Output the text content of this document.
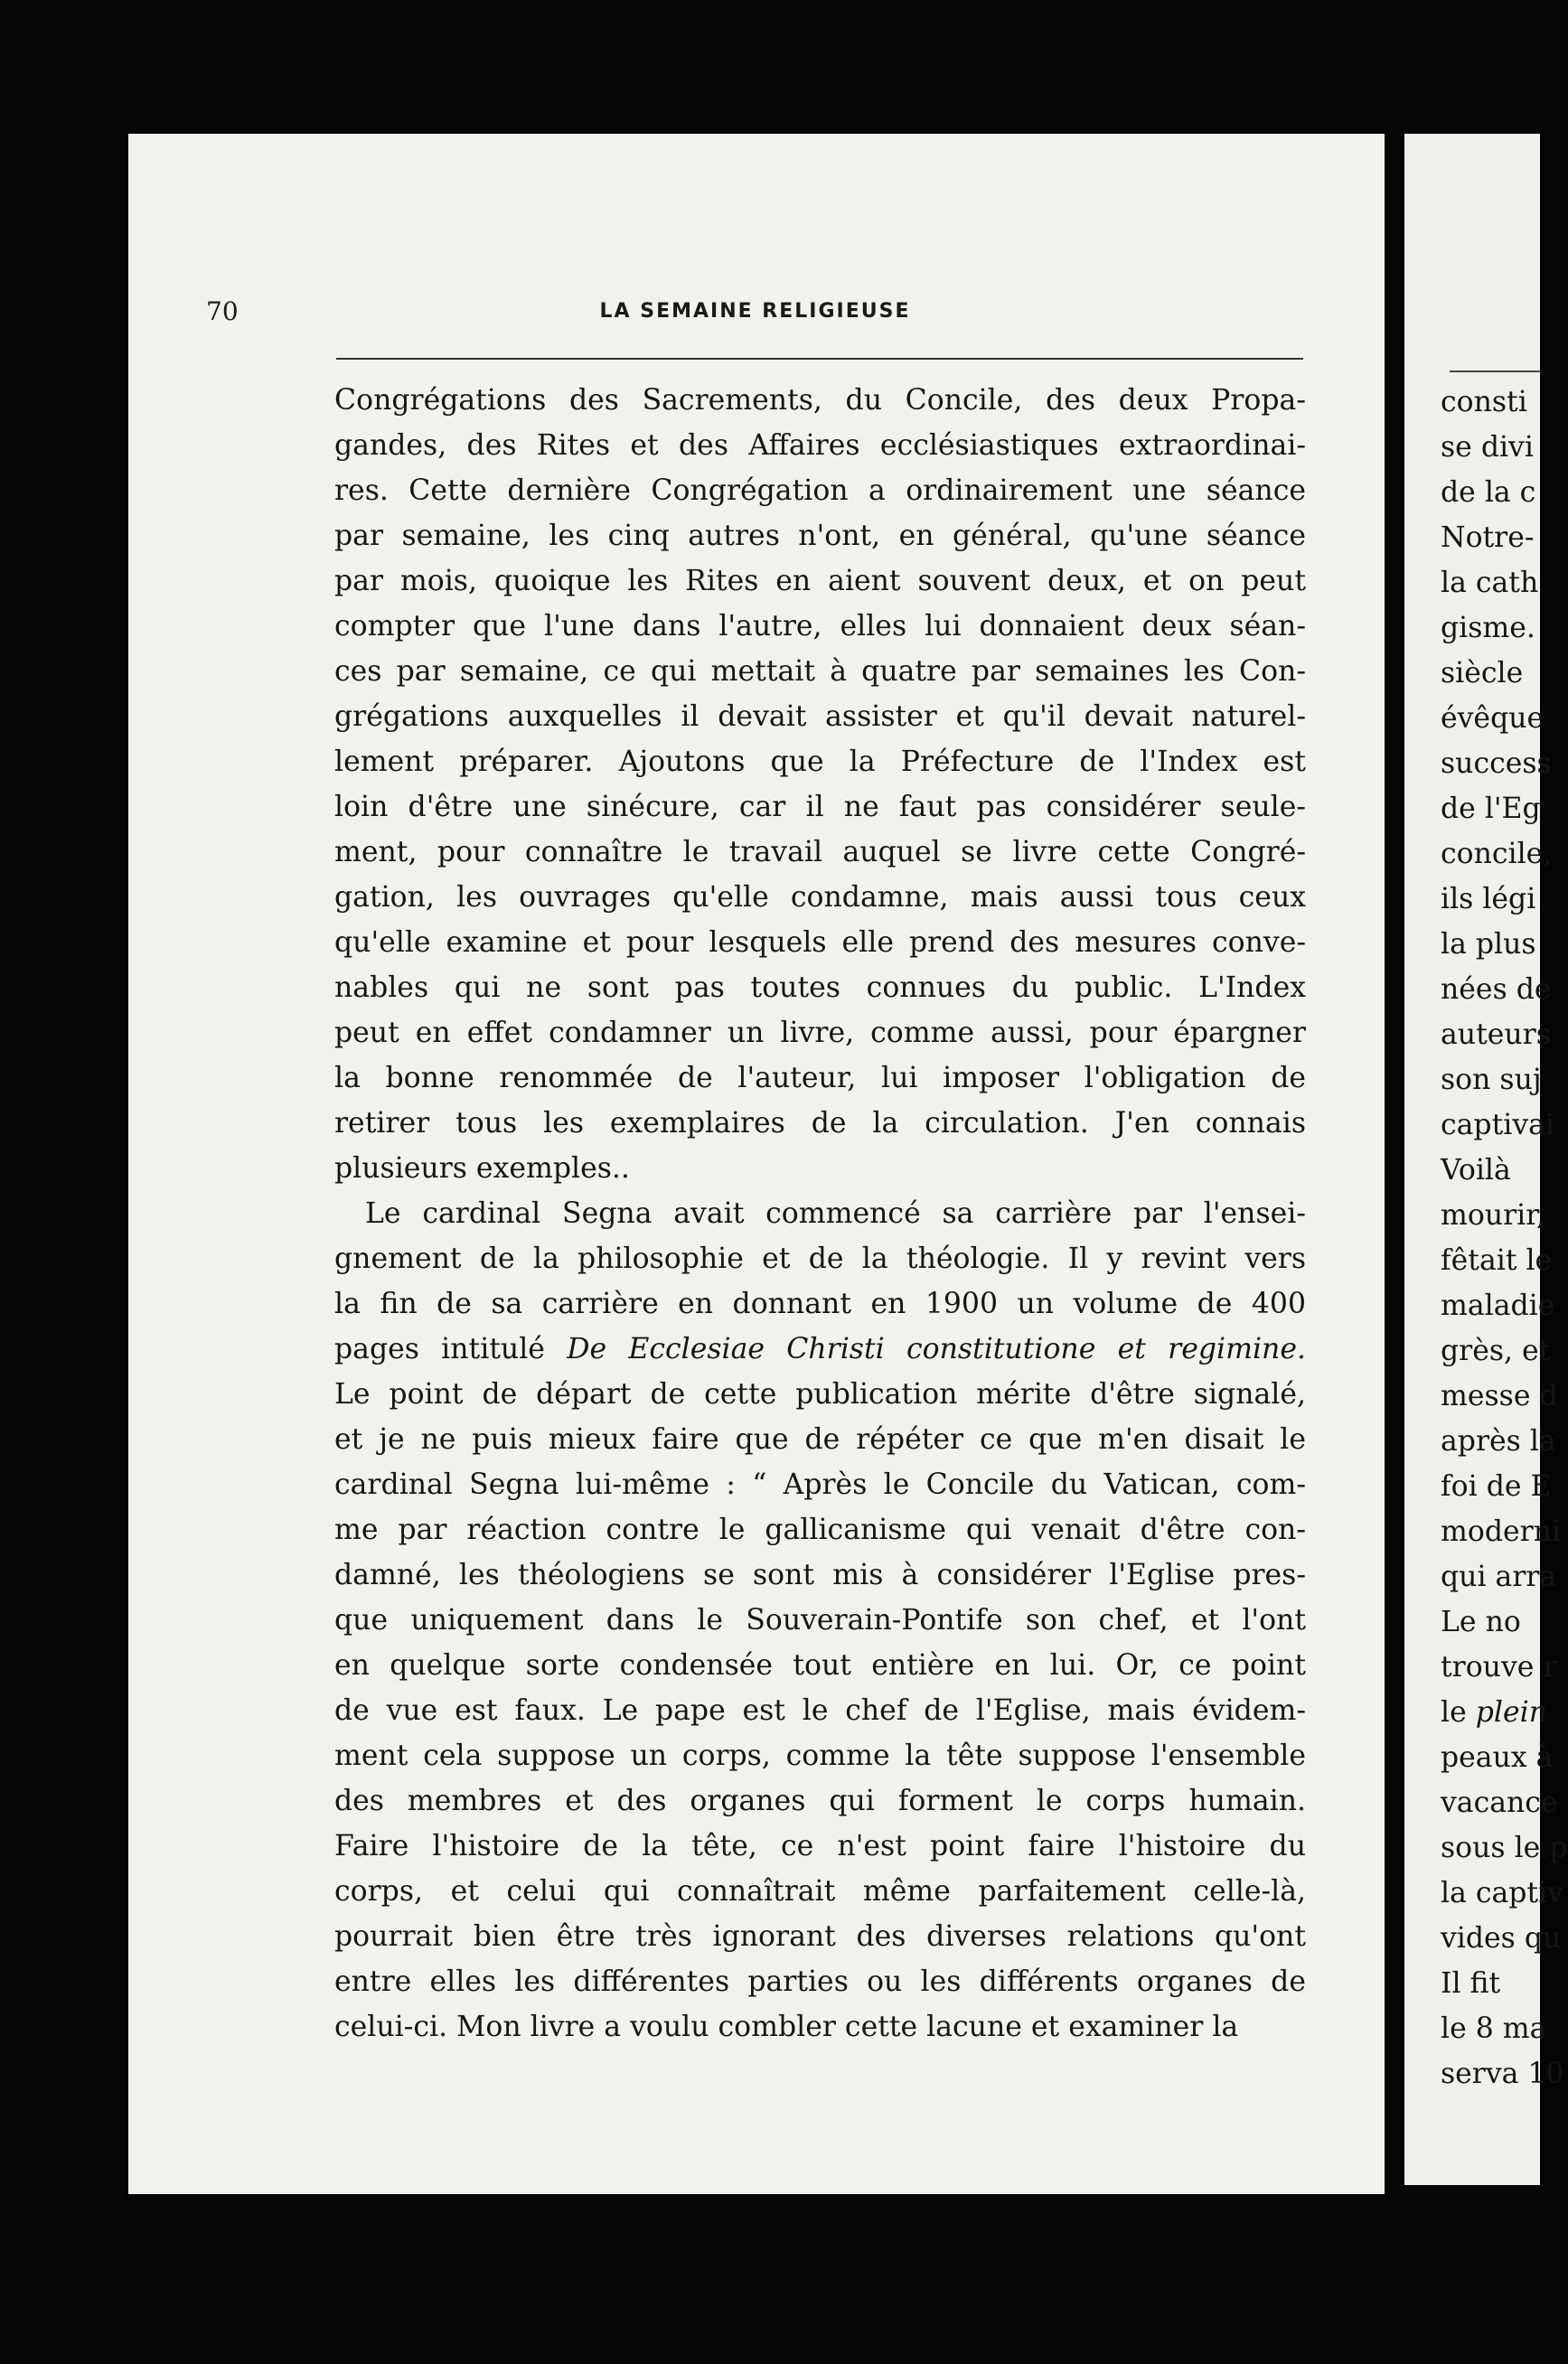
70	LA SEMAINE RELIGIEUSE
Congrégations des Sacrements, du Concile, des deux Propa-
gandes, des Rites et des Affaires ecclésiastiques extraordinai-
res. Cette dernière Congrégation a ordinairement une séance
par semaine, les cinq autres n'ont, en général, qu'une séance
par mois, quoique les Rites en aient souvent deux, et on peut
compter que l'une dans l'autre, elles lui donnaient deux séan-
ces par semaine, ce qui mettait à quatre par semaines les Con-
grégations auxquelles il devait assister et qu'il devait naturel-
lement préparer. Ajoutons que la Préfecture de l'Index est
loin d'être une sinécure, car il ne faut pas considérer seule-
ment, pour connaître le travail auquel se livre cette Congré-
gation, les ouvrages qu'elle condamne, mais aussi tous ceux
qu'elle examine et pour lesquels elle prend des mesures conve-
nables qui ne sont pas toutes connues du public. L'Index
peut en effet condamner un livre, comme aussi, pour épargner
la bonne renommée de l'auteur, lui imposer l'obligation de
retirer tous les exemplaires de la circulation. J'en connais
plusieurs exemples..
Le cardinal Segna avait commencé sa carrière par l'ensei-
gnement de la philosophie et de la théologie. Il y revint vers
la fin de sa carrière en donnant en 1900 un volume de 400
pages intitulé De Ecclesiae Christi constitutione et regimine.
Le point de départ de cette publication mérite d'être signalé,
et je ne puis mieux faire que de répéter ce que m'en disait le
cardinal Segna lui-même : “ Après le Concile du Vatican, com-
me par réaction contre le gallicanisme qui venait d'être con-
damné, les théologiens se sont mis à considérer l'Eglise pres-
que uniquement dans le Souverain-Pontife son chef, et l'ont
en quelque sorte condensée tout entière en lui. Or, ce point
de vue est faux. Le pape est le chef de l'Eglise, mais évidem-
ment cela suppose un corps, comme la tête suppose l'ensemble
des membres et des organes qui forment le corps humain.
Faire l'histoire de la tête, ce n'est point faire l'histoire du
corps, et celui qui connaîtrait même parfaitement celle-là,
pourrait bien être très ignorant des diverses relations qu'ont
entre elles les différentes parties ou les différents organes de
celui-ci. Mon livre a voulu combler cette lacune et examiner la
consti
se divi
de la c
Notre-
la cath
gisme.
siècle
évêque
success
de l'Eg
concile,
ils légi
la plus
nées de
auteurs
son suj
captivai
Voilà
mourir,
fêtait le
maladie
grès, et
messe d
après la
foi de E
moderni
qui arra
Le no
trouve r
le plein
peaux à
vacance
sous le p
la captiv
vides qu
Il fit
le 8 ma
serva 10
